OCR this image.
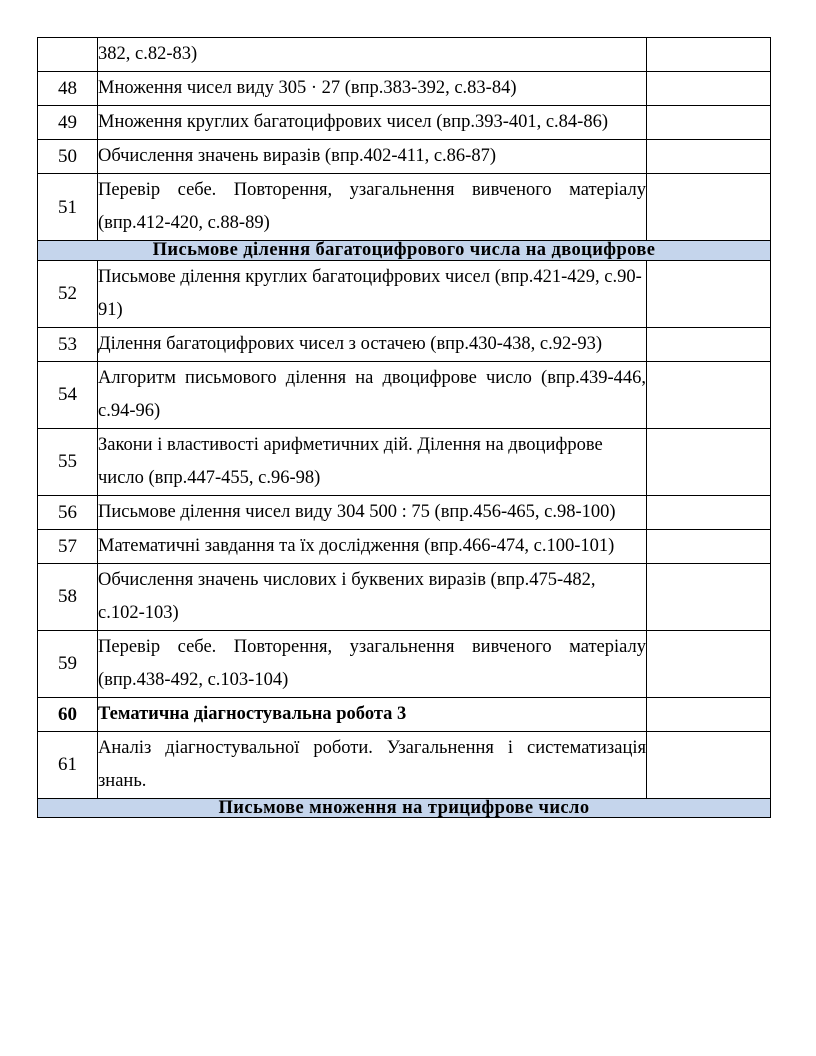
	382, с.82-83)	
48	Множення чисел виду 305 · 27 (впр.383-392, с.83-84)	
49	Множення круглих багатоцифрових чисел (впр.393-401, с.84-86)	
50	Обчислення значень виразів (впр.402-411, с.86-87)	
51	Перевір себе. Повторення, узагальнення вивченого матеріалу (впр.412-420, с.88-89)	
Письмове ділення багатоцифрового числа на двоцифрове		
52	Письмове ділення круглих багатоцифрових чисел (впр.421-429, с.90-91)	
53	Ділення багатоцифрових чисел з остачею (впр.430-438, с.92-93)	
54	Алгоритм письмового ділення на двоцифрове число (впр.439-446, с.94-96)	
55	Закони і властивості арифметичних дій. Ділення на двоцифрове число (впр.447-455, с.96-98)	
56	Письмове ділення чисел виду 304 500 : 75 (впр.456-465, с.98-100)	
57	Математичні завдання та їх дослідження (впр.466-474, с.100-101)	
58	Обчислення значень числових і буквених виразів (впр.475-482, с.102-103)	
59	Перевір себе. Повторення, узагальнення вивченого матеріалу (впр.438-492, с.103-104)	
60	Тематична діагностувальна робота 3	
61	Аналіз діагностувальної роботи. Узагальнення і систематизація знань.	
Письмове множення на трицифрове число		
